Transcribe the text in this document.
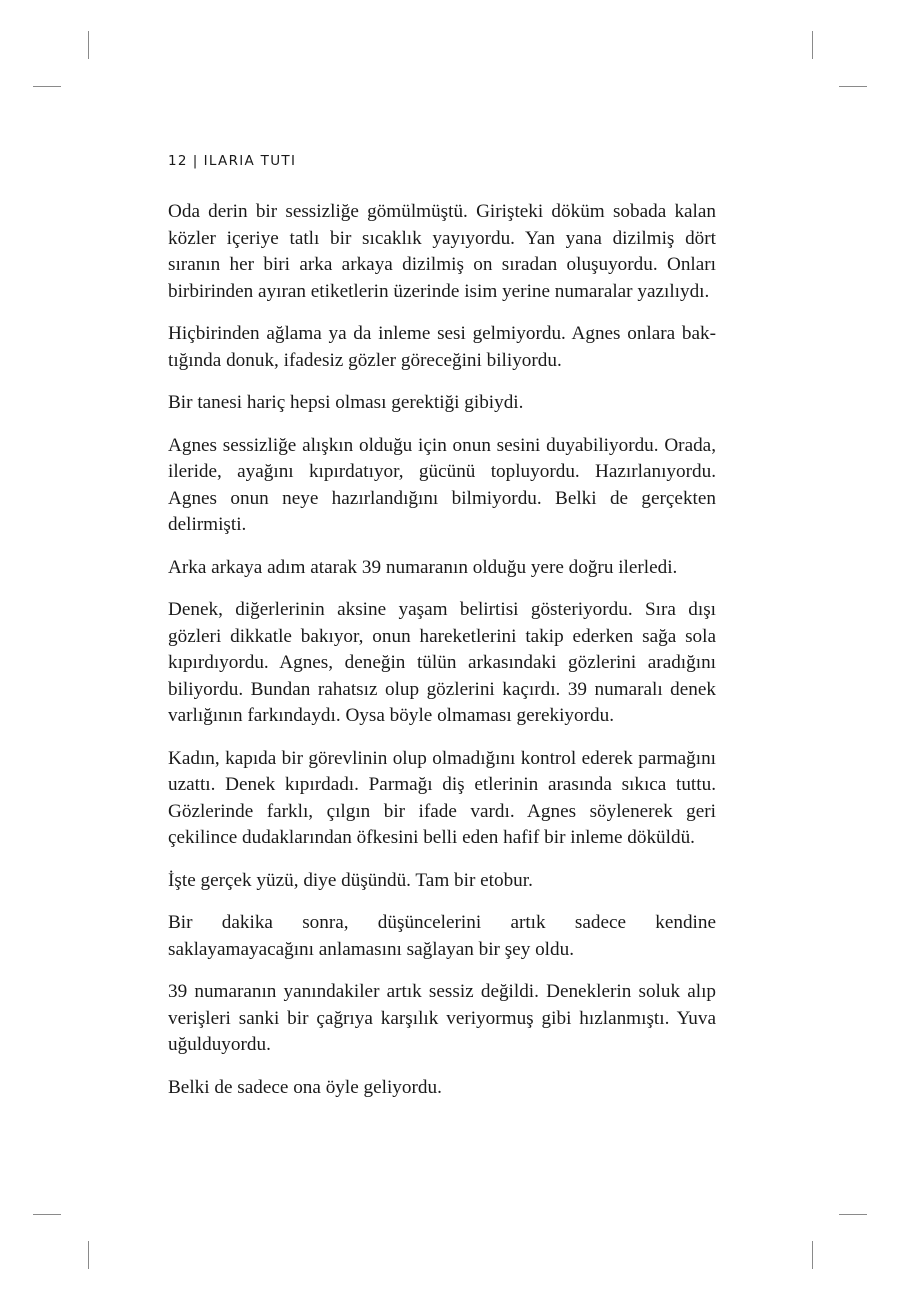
12 | ILARIA TUTI

Oda derin bir sessizliğe gömülmüştü. Girişteki döküm sobada kalan közler içeriye tatlı bir sıcaklık yayıyordu. Yan yana dizilmiş dört sıranın her biri arka arkaya dizilmiş on sıradan oluşuyordu. Onları birbirinden ayıran etiketlerin üzerinde isim yerine numaralar yazılıydı.

Hiçbirinden ağlama ya da inleme sesi gelmiyordu. Agnes onlara baktığında donuk, ifadesiz gözler göreceğini biliyordu.

Bir tanesi hariç hepsi olması gerektiği gibiydi.

Agnes sessizliğe alışkın olduğu için onun sesini duyabiliyordu. Orada, ileride, ayağını kıpırdatıyor, gücünü topluyordu. Hazırlanıyordu. Agnes onun neye hazırlandığını bilmiyordu. Belki de gerçekten delirmişti.

Arka arkaya adım atarak 39 numaranın olduğu yere doğru ilerledi.

Denek, diğerlerinin aksine yaşam belirtisi gösteriyordu. Sıra dışı gözleri dikkatle bakıyor, onun hareketlerini takip ederken sağa sola kıpırdıyordu. Agnes, deneğin tülün arkasındaki gözlerini aradığını biliyordu. Bundan rahatsız olup gözlerini kaçırdı. 39 numaralı denek varlığının farkındaydı. Oysa böyle olmaması gerekiyordu.

Kadın, kapıda bir görevlinin olup olmadığını kontrol ederek parmağını uzattı. Denek kıpırdadı. Parmağı diş etlerinin arasında sıkıca tuttu. Gözlerinde farklı, çılgın bir ifade vardı. Agnes söylenerek geri çekilince dudaklarından öfkesini belli eden hafif bir inleme döküldü.

İşte gerçek yüzü, diye düşündü. Tam bir etobur.

Bir dakika sonra, düşüncelerini artık sadece kendine saklayamayacağını anlamasını sağlayan bir şey oldu.

39 numaranın yanındakiler artık sessiz değildi. Deneklerin soluk alıp verişleri sanki bir çağrıya karşılık veriyormuş gibi hızlanmıştı. Yuva uğulduyordu.

Belki de sadece ona öyle geliyordu.
